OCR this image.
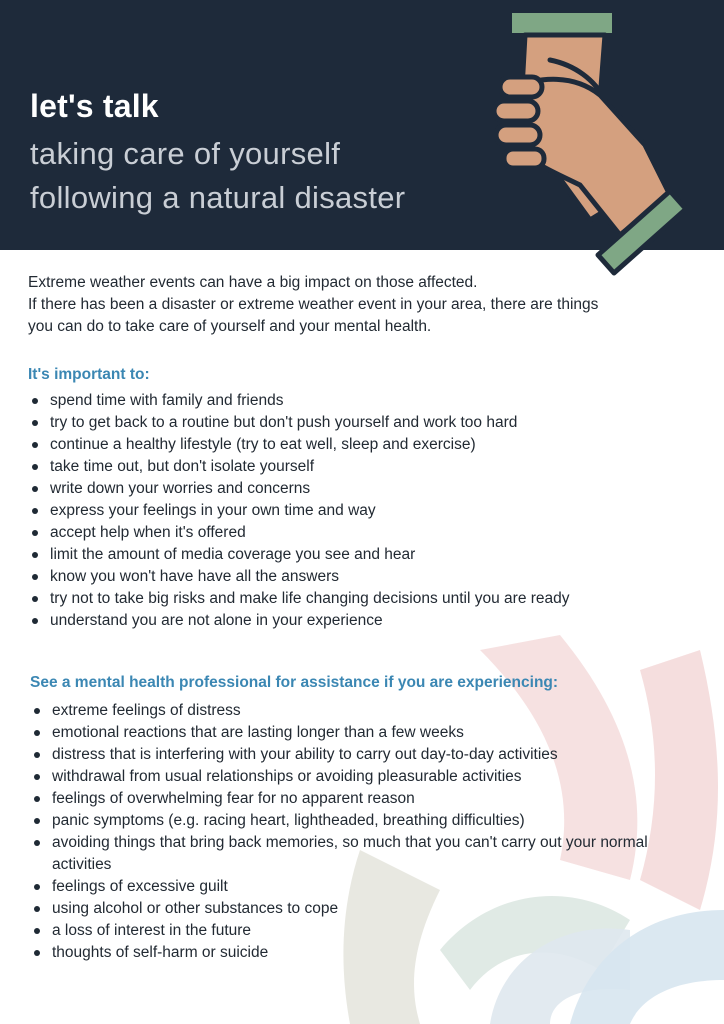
let's talk
taking care of yourself
following a natural disaster

Extreme weather events can have a big impact on those affected.

If there has been a disaster or extreme weather event in your area, there are things

you can do to take care of yourself and your mental health.

It's important to:
spend time with family and friends
try to get back to a routine but don't push yourself and work too hard
continue a healthy lifestyle (try to eat well, sleep and exercise)
take time out, but don't isolate yourself
write down your worries and concerns
express your feelings in your own time and way
accept help when it's offered
limit the amount of media coverage you see and hear
know you won't have have all the answers
try not to take big risks and make life changing decisions until you are ready
understand you are not alone in your experience
See a mental health professional for assistance if you are experiencing:
extreme feelings of distress
emotional reactions that are lasting longer than a few weeks
distress that is interfering with your ability to carry out day-to-day activities
withdrawal from usual relationships or avoiding pleasurable activities
feelings of overwhelming fear for no apparent reason
panic symptoms (e.g. racing heart, lightheaded, breathing difficulties)
avoiding things that bring back memories, so much that you can't carry out your normal activities
feelings of excessive guilt
using alcohol or other substances to cope
a loss of interest in the future
thoughts of self-harm or suicide
